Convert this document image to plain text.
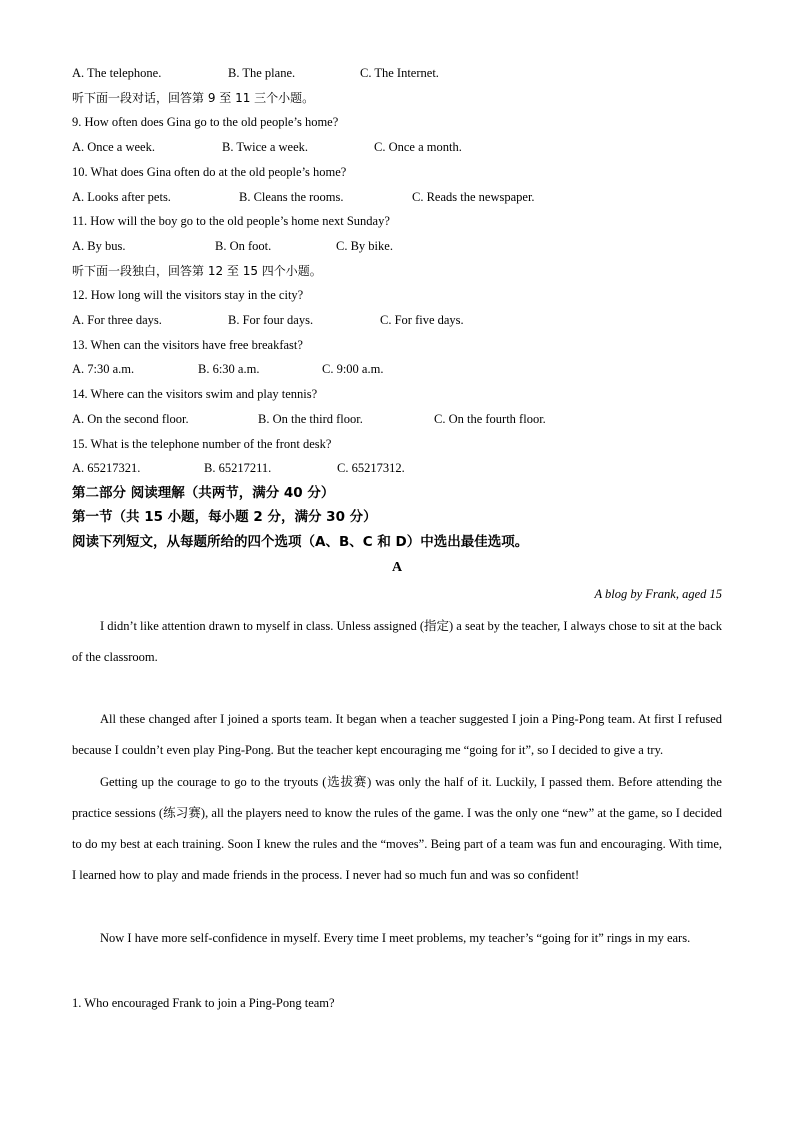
A. The telephone.	B. The plane.	C. The Internet.
听下面一段对话，回答第 9 至 11 三个小题。
9. How often does Gina go to the old people’s home?
A. Once a week.	B. Twice a week.	C. Once a month.
10. What does Gina often do at the old people’s home?
A. Looks after pets.	B. Cleans the rooms.	C. Reads the newspaper.
11. How will the boy go to the old people’s home next Sunday?
A. By bus.	B. On foot.	C. By bike.
听下面一段独白，回答第 12 至 15 四个小题。
12. How long will the visitors stay in the city?
A. For three days.	B. For four days.	C. For five days.
13. When can the visitors have free breakfast?
A. 7:30 a.m.	B. 6:30 a.m.	C. 9:00 a.m.
14. Where can the visitors swim and play tennis?
A. On the second floor.	B. On the third floor.	C. On the fourth floor.
15. What is the telephone number of the front desk?
A. 65217321.	B. 65217211.	C. 65217312.
第二部分 阅读理解（共两节，满分 40 分）
第一节（共 15 小题，每小题 2 分，满分 30 分）
阅读下列短文，从每题所给的四个选项（A、B、C 和 D）中选出最佳选项。
A
A blog by Frank, aged 15

I didn’t like attention drawn to myself in class. Unless assigned (指定) a seat by the teacher, I always chose to sit at the back of the classroom.

All these changed after I joined a sports team. It began when a teacher suggested I join a Ping-Pong team. At first I refused because I couldn’t even play Ping-Pong. But the teacher kept encouraging me “going for it”, so I decided to give a try.

Getting up the courage to go to the tryouts (选拔赛) was only the half of it. Luckily, I passed them. Before attending the practice sessions (练习赛), all the players need to know the rules of the game. I was the only one “new” at the game, so I decided to do my best at each training. Soon I knew the rules and the “moves”. Being part of a team was fun and encouraging. With time, I learned how to play and made friends in the process. I never had so much fun and was so confident!

Now I have more self-confidence in myself. Every time I meet problems, my teacher’s “going for it” rings in my ears.

1. Who encouraged Frank to join a Ping-Pong team?
